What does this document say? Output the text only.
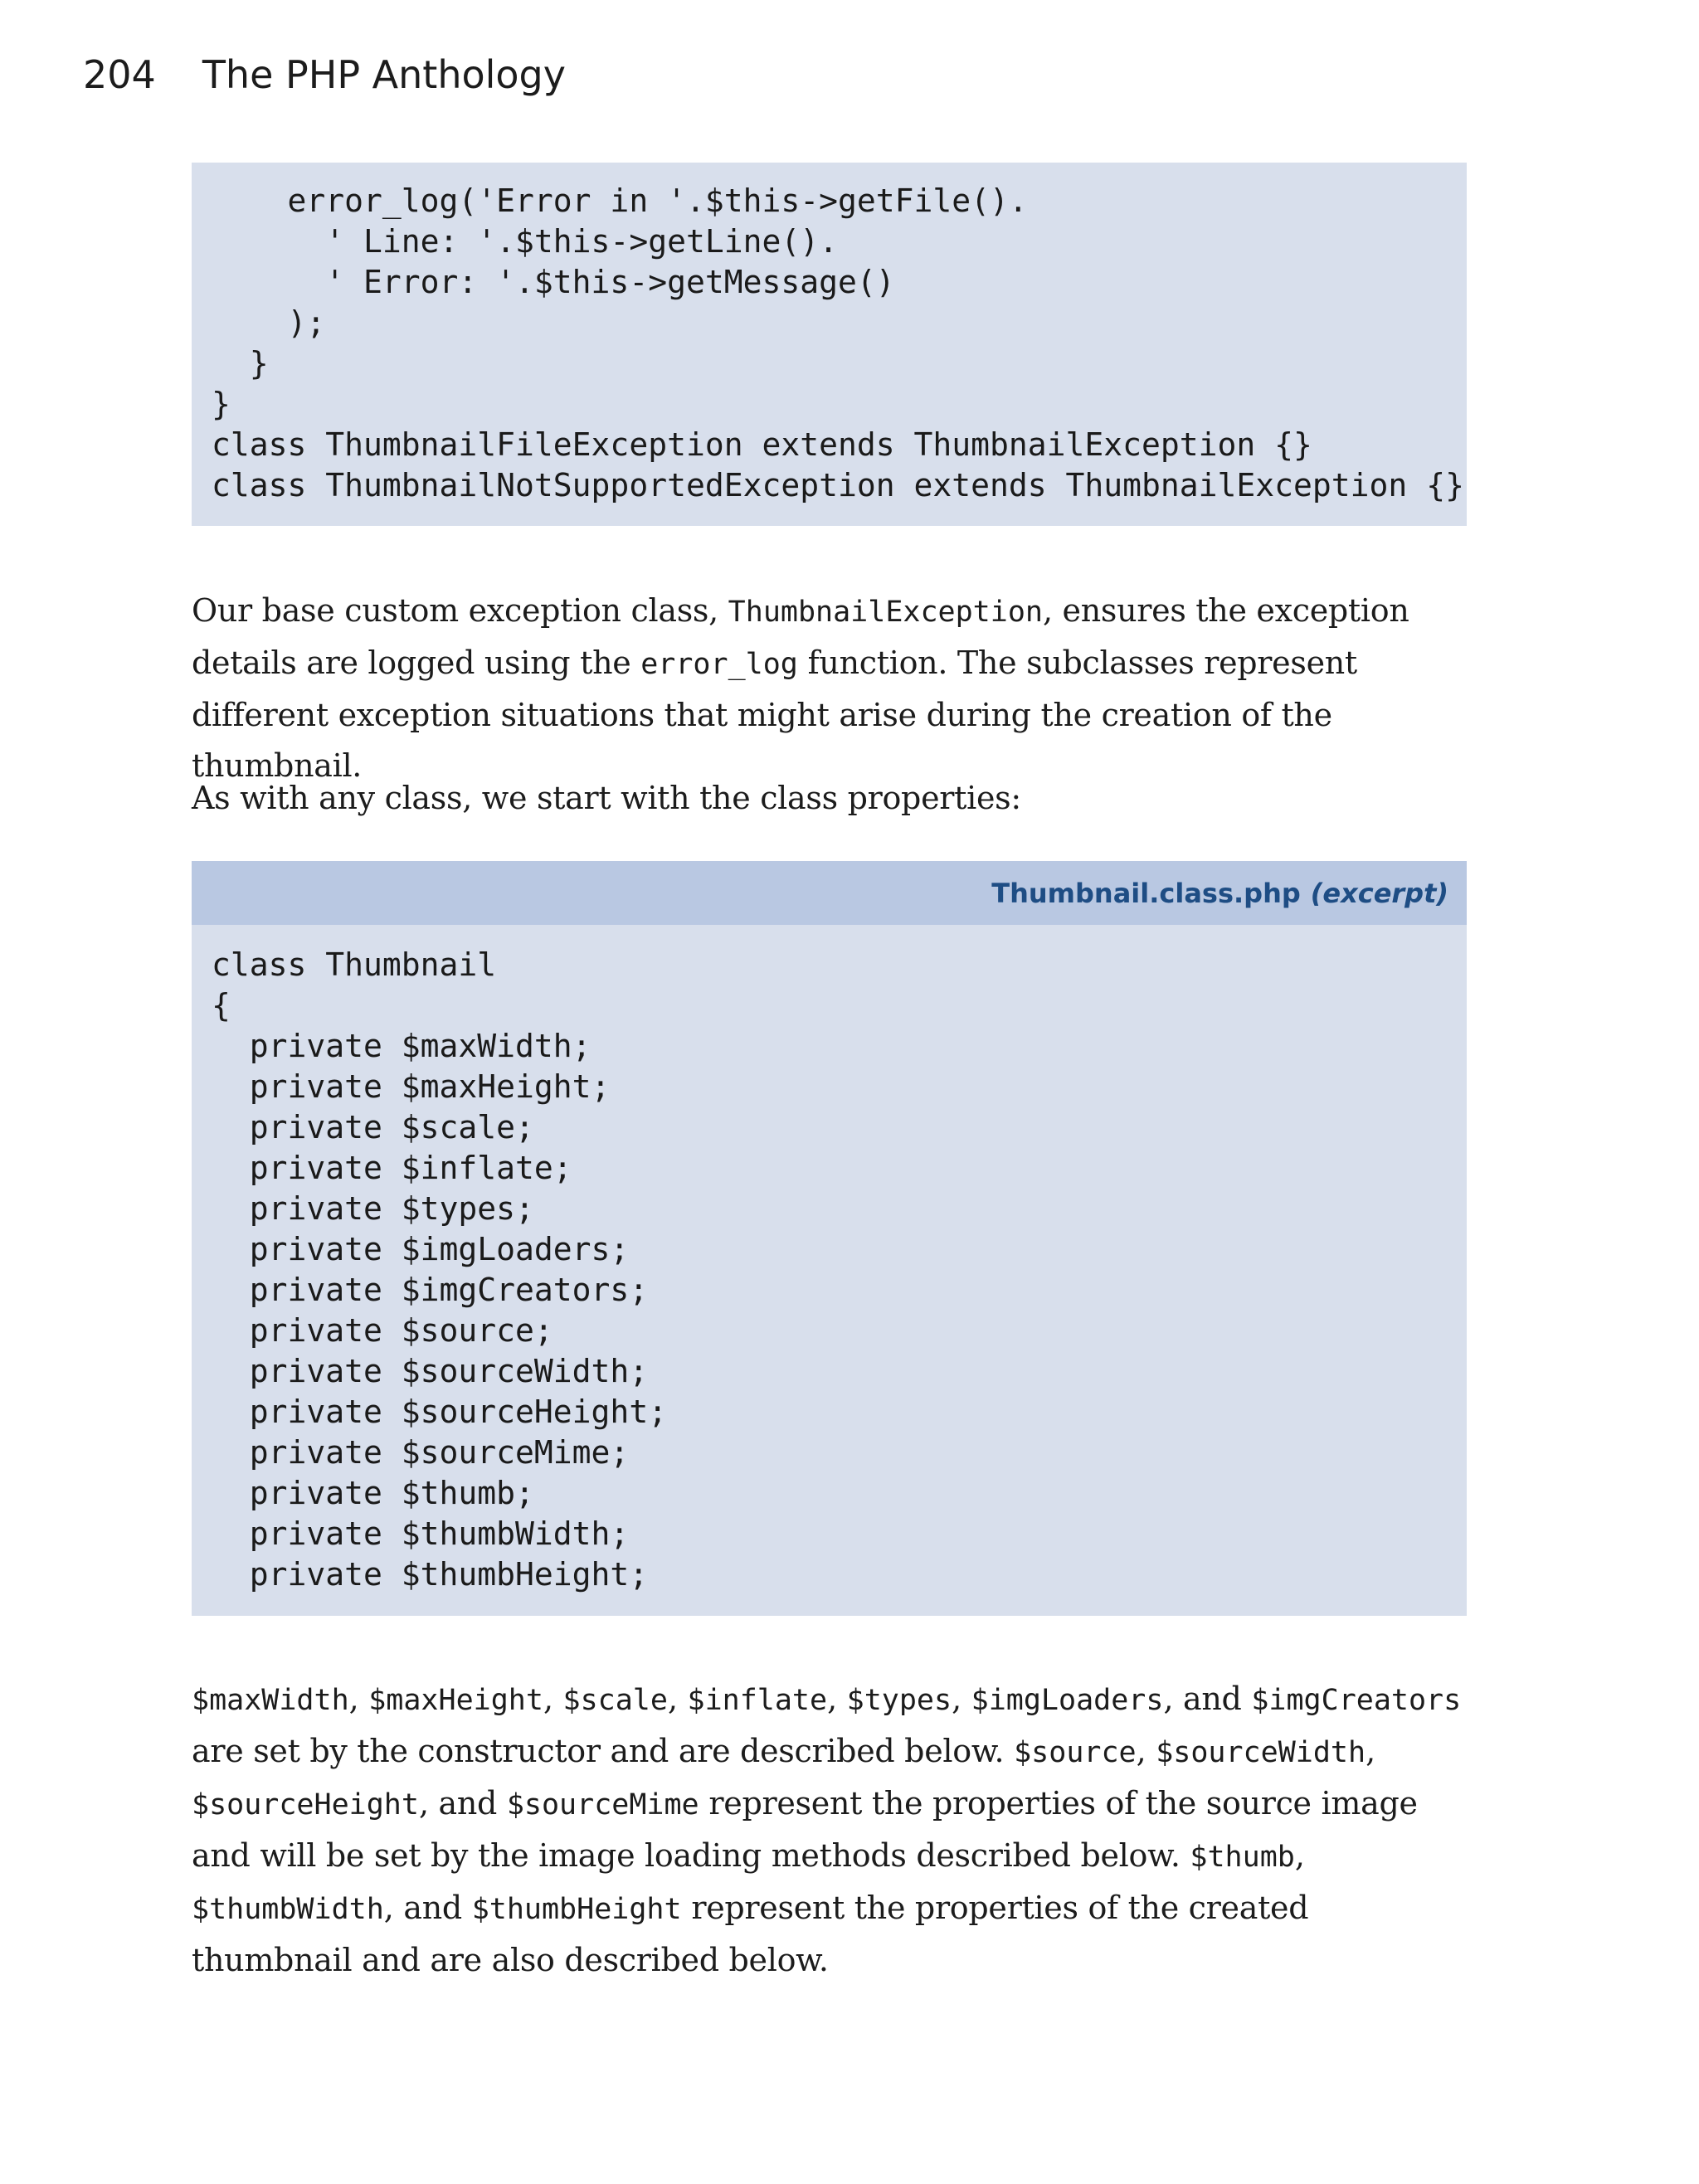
204 The PHP Anthology
error_log('Error in '.$this->getFile().
' Line: '.$this->getLine().
' Error: '.$this->getMessage()
);
}
}
class ThumbnailFileException extends ThumbnailException {}
class ThumbnailNotSupportedException extends ThumbnailException {}

Our base custom exception class, ThumbnailException, ensures the exception details are logged using the error_log function. The subclasses represent different exception situations that might arise during the creation of the thumbnail.

As with any class, we start with the class properties:

Thumbnail.class.php (excerpt)
class Thumbnail
{
private $maxWidth;
private $maxHeight;
private $scale;
private $inflate;
private $types;
private $imgLoaders;
private $imgCreators;
private $source;
private $sourceWidth;
private $sourceHeight;
private $sourceMime;
private $thumb;
private $thumbWidth;
private $thumbHeight;

$maxWidth, $maxHeight, $scale, $inflate, $types, $imgLoaders, and $imgCreators are set by the constructor and are described below. $source, $sourceWidth, $sourceHeight, and $sourceMime represent the properties of the source image and will be set by the image loading methods described below. $thumb, $thumbWidth, and $thumbHeight represent the properties of the created thumbnail and are also described below.
